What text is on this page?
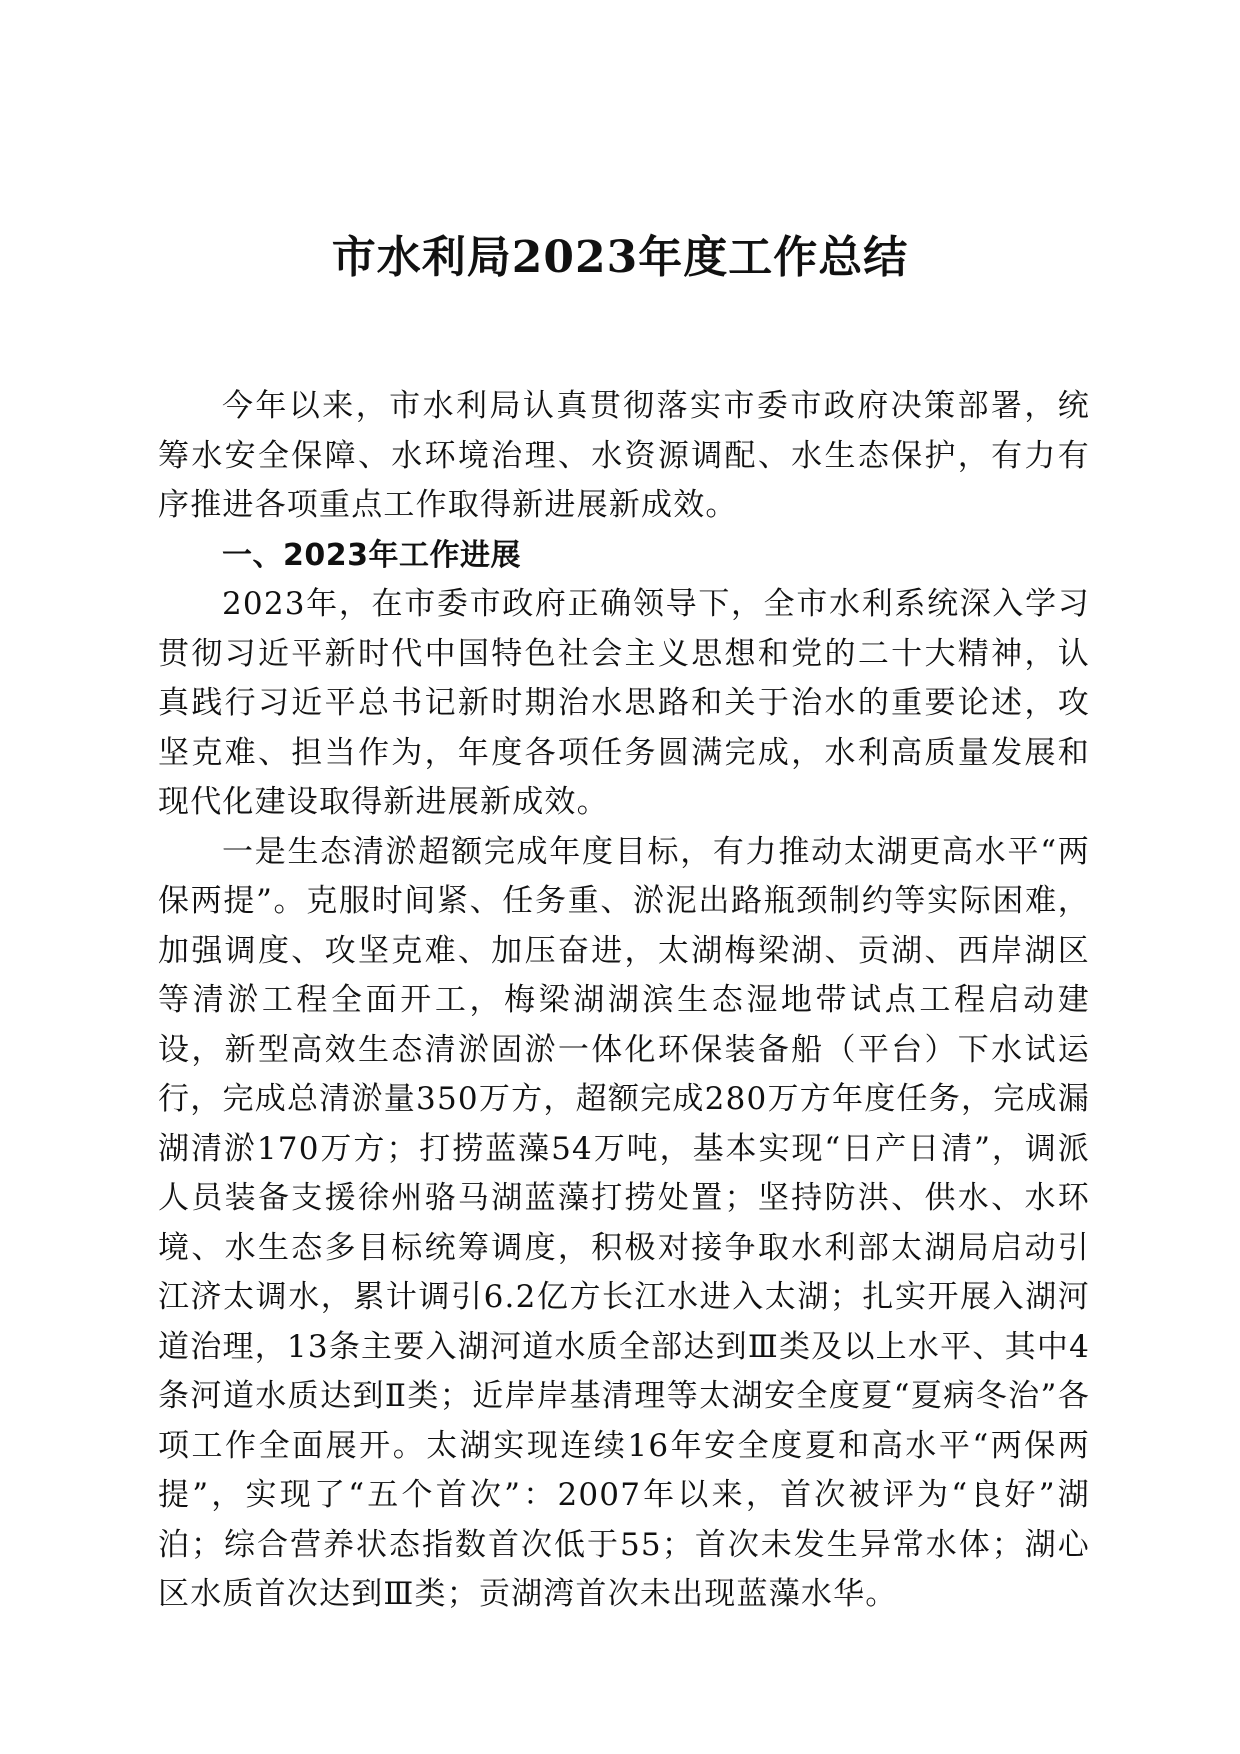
市水利局2023年度工作总结

今年以来，市水利局认真贯彻落实市委市政府决策部署，统筹水安全保障、水环境治理、水资源调配、水生态保护，有力有序推进各项重点工作取得新进展新成效。

一、2023年工作进展

2023年，在市委市政府正确领导下，全市水利系统深入学习贯彻习近平新时代中国特色社会主义思想和党的二十大精神，认真践行习近平总书记新时期治水思路和关于治水的重要论述，攻坚克难、担当作为，年度各项任务圆满完成，水利高质量发展和现代化建设取得新进展新成效。

一是生态清淤超额完成年度目标，有力推动太湖更高水平“两保两提”。克服时间紧、任务重、淤泥出路瓶颈制约等实际困难，加强调度、攻坚克难、加压奋进，太湖梅梁湖、贡湖、西岸湖区等清淤工程全面开工，梅梁湖湖滨生态湿地带试点工程启动建设，新型高效生态清淤固淤一体化环保装备船（平台）下水试运行，完成总清淤量350万方，超额完成280万方年度任务，完成漏湖清淤170万方；打捞蓝藻54万吨，基本实现“日产日清”，调派人员装备支援徐州骆马湖蓝藻打捞处置；坚持防洪、供水、水环境、水生态多目标统筹调度，积极对接争取水利部太湖局启动引江济太调水，累计调引6.2亿方长江水进入太湖；扎实开展入湖河道治理，13条主要入湖河道水质全部达到Ⅲ类及以上水平、其中4条河道水质达到Ⅱ类；近岸岸基清理等太湖安全度夏“夏病冬治”各项工作全面展开。太湖实现连续16年安全度夏和高水平“两保两提”，实现了“五个首次”：2007年以来，首次被评为“良好”湖泊；综合营养状态指数首次低于55；首次未发生异常水体；湖心区水质首次达到Ⅲ类；贡湖湾首次未出现蓝藻水华。
